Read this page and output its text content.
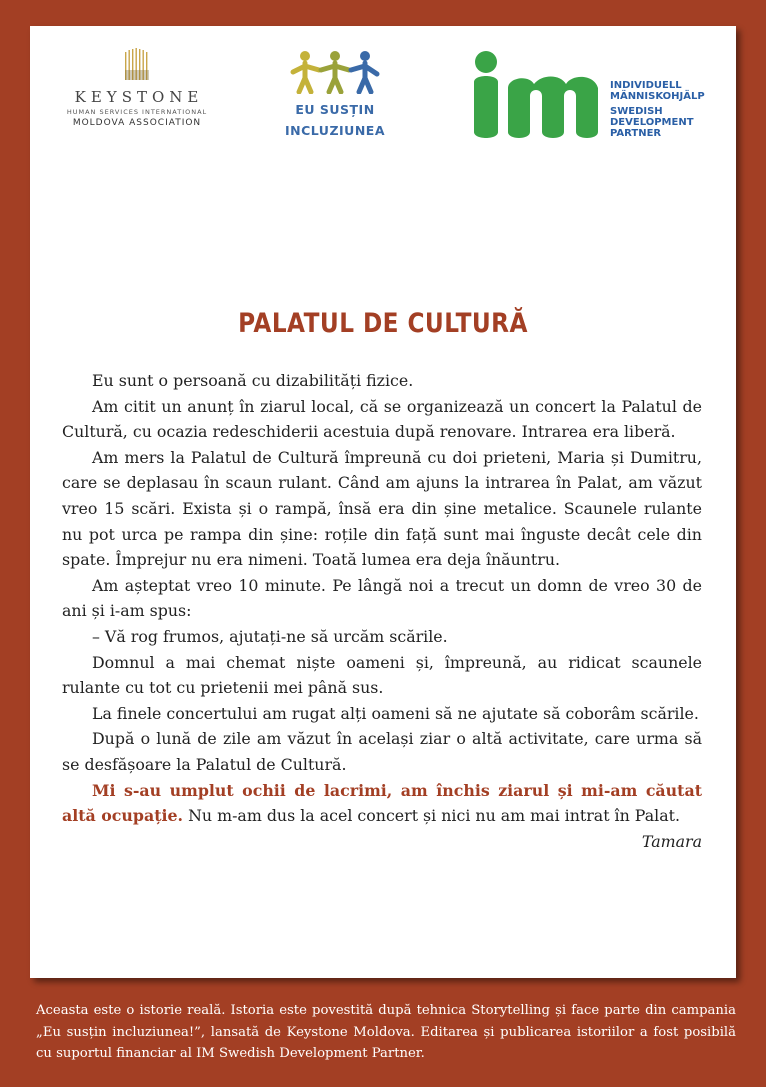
KEYSTONE
HUMAN SERVICES INTERNATIONAL
MOLDOVA ASSOCIATION
EU SUSȚIN
INCLUZIUNEA
INDIVIDUELL
MÄNNISKOHJÄLP
SWEDISH
DEVELOPMENT
PARTNER
PALATUL DE CULTURĂ

Eu sunt o persoană cu dizabilități fizice.

Am citit un anunț în ziarul local, că se organizează un concert la Palatul de Cultură, cu ocazia redeschiderii acestuia după renovare. Intrarea era liberă.

Am mers la Palatul de Cultură împreună cu doi prieteni, Maria și Dumitru, care se deplasau în scaun rulant. Când am ajuns la intrarea în Palat, am văzut vreo 15 scări. Exista și o rampă, însă era din șine metalice. Scaunele rulante nu pot urca pe rampa din șine: roțile din față sunt mai înguste decât cele din spate. Împrejur nu era nimeni. Toată lumea era deja înăuntru.

Am așteptat vreo 10 minute. Pe lângă noi a trecut un domn de vreo 30 de ani și i-am spus:

– Vă rog frumos, ajutați-ne să urcăm scările.

Domnul a mai chemat niște oameni și, împreună, au ridicat scaunele rulante cu tot cu prietenii mei până sus.

La finele concertului am rugat alți oameni să ne ajutate să coborâm scările.

După o lună de zile am văzut în același ziar o altă activitate, care urma să se desfășoare la Palatul de Cultură.

Mi s-au umplut ochii de lacrimi, am închis ziarul și mi-am căutat altă ocupație. Nu m-am dus la acel concert și nici nu am mai intrat în Palat.

Tamara

Aceasta este o istorie reală. Istoria este povestită după tehnica Storytelling și face parte din campania „Eu susțin incluziunea!”, lansată de Keystone Moldova. Editarea și publicarea istoriilor a fost posibilă cu suportul financiar al IM Swedish Development Partner.
